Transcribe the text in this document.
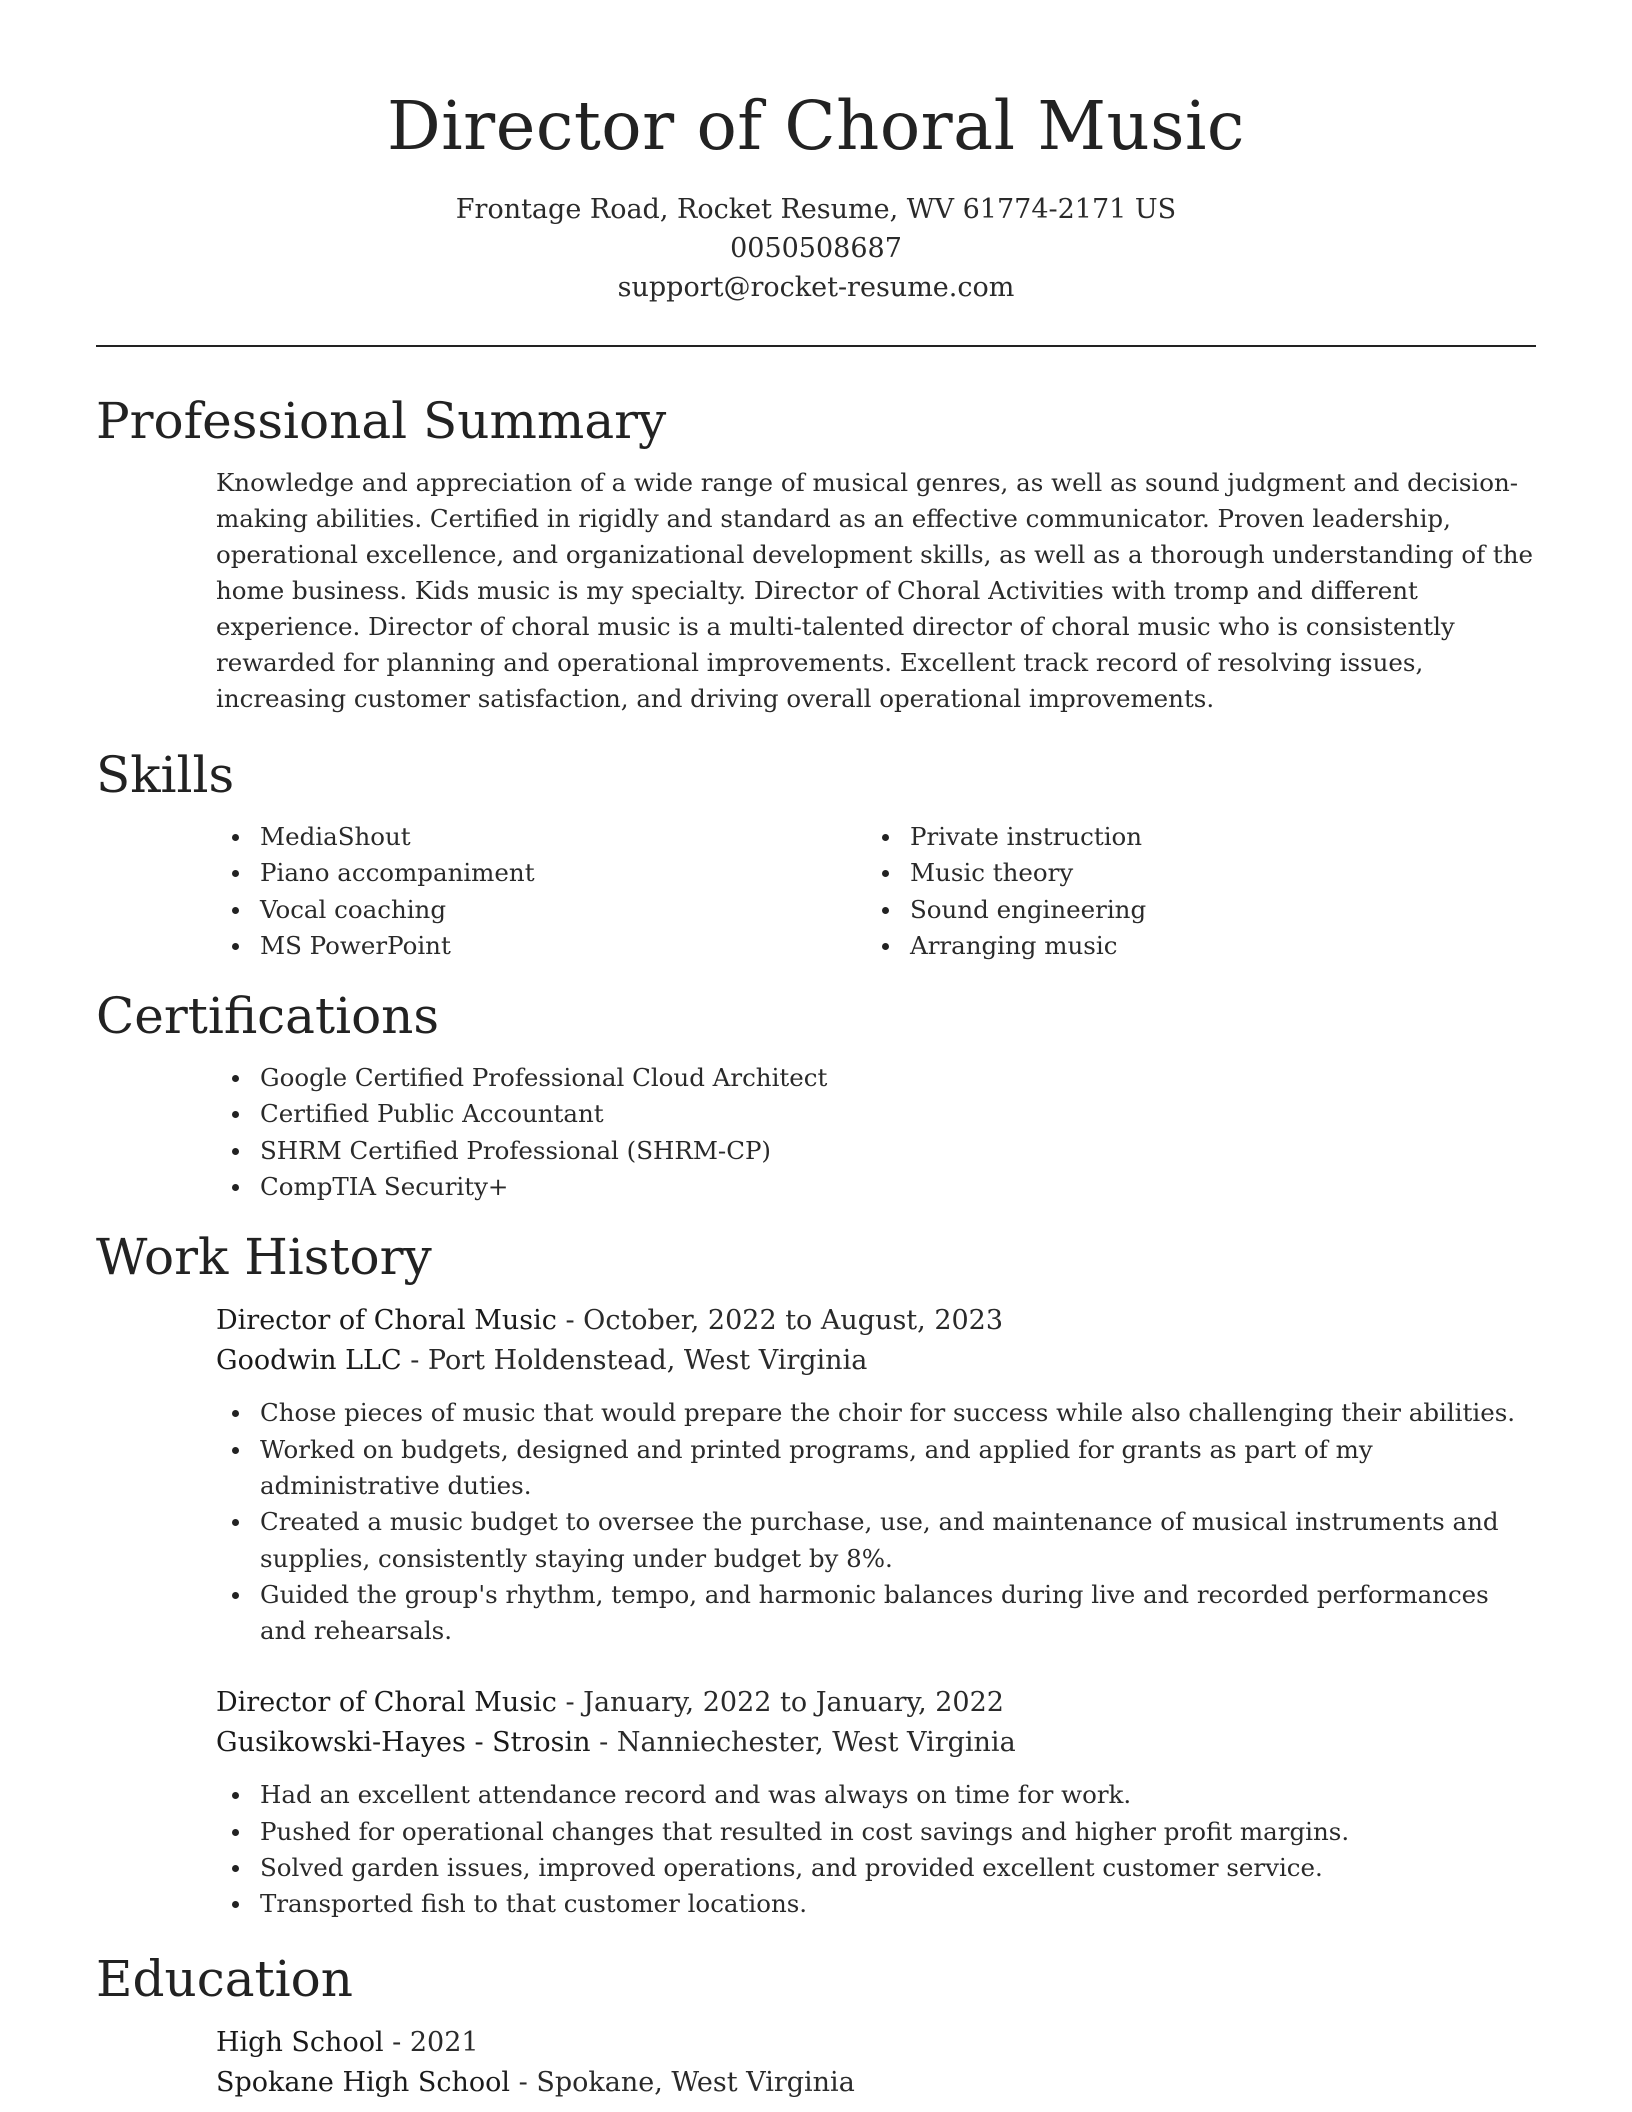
Director of Choral Music
Frontage Road, Rocket Resume, WV 61774-2171 US
0050508687
support@rocket-resume.com
Professional Summary
Knowledge and appreciation of a wide range of musical genres, as well as sound judgment and decision-making abilities. Certified in rigidly and standard as an effective communicator. Proven leadership, operational excellence, and organizational development skills, as well as a thorough understanding of the home business. Kids music is my specialty. Director of Choral Activities with tromp and different experience. Director of choral music is a multi-talented director of choral music who is consistently rewarded for planning and operational improvements. Excellent track record of resolving issues, increasing customer satisfaction, and driving overall operational improvements.
Skills
MediaShout
Piano accompaniment
Vocal coaching
MS PowerPoint
Private instruction
Music theory
Sound engineering
Arranging music
Certifications
Google Certified Professional Cloud Architect
Certified Public Accountant
SHRM Certified Professional (SHRM-CP)
CompTIA Security+
Work History
Director of Choral Music - October, 2022 to August, 2023
Goodwin LLC - Port Holdenstead, West Virginia
Chose pieces of music that would prepare the choir for success while also challenging their abilities.
Worked on budgets, designed and printed programs, and applied for grants as part of my administrative duties.
Created a music budget to oversee the purchase, use, and maintenance of musical instruments and supplies, consistently staying under budget by 8%.
Guided the group's rhythm, tempo, and harmonic balances during live and recorded performances and rehearsals.
Director of Choral Music - January, 2022 to January, 2022
Gusikowski-Hayes - Strosin - Nanniechester, West Virginia
Had an excellent attendance record and was always on time for work.
Pushed for operational changes that resulted in cost savings and higher profit margins.
Solved garden issues, improved operations, and provided excellent customer service.
Transported fish to that customer locations.
Education
High School - 2021
Spokane High School - Spokane, West Virginia
